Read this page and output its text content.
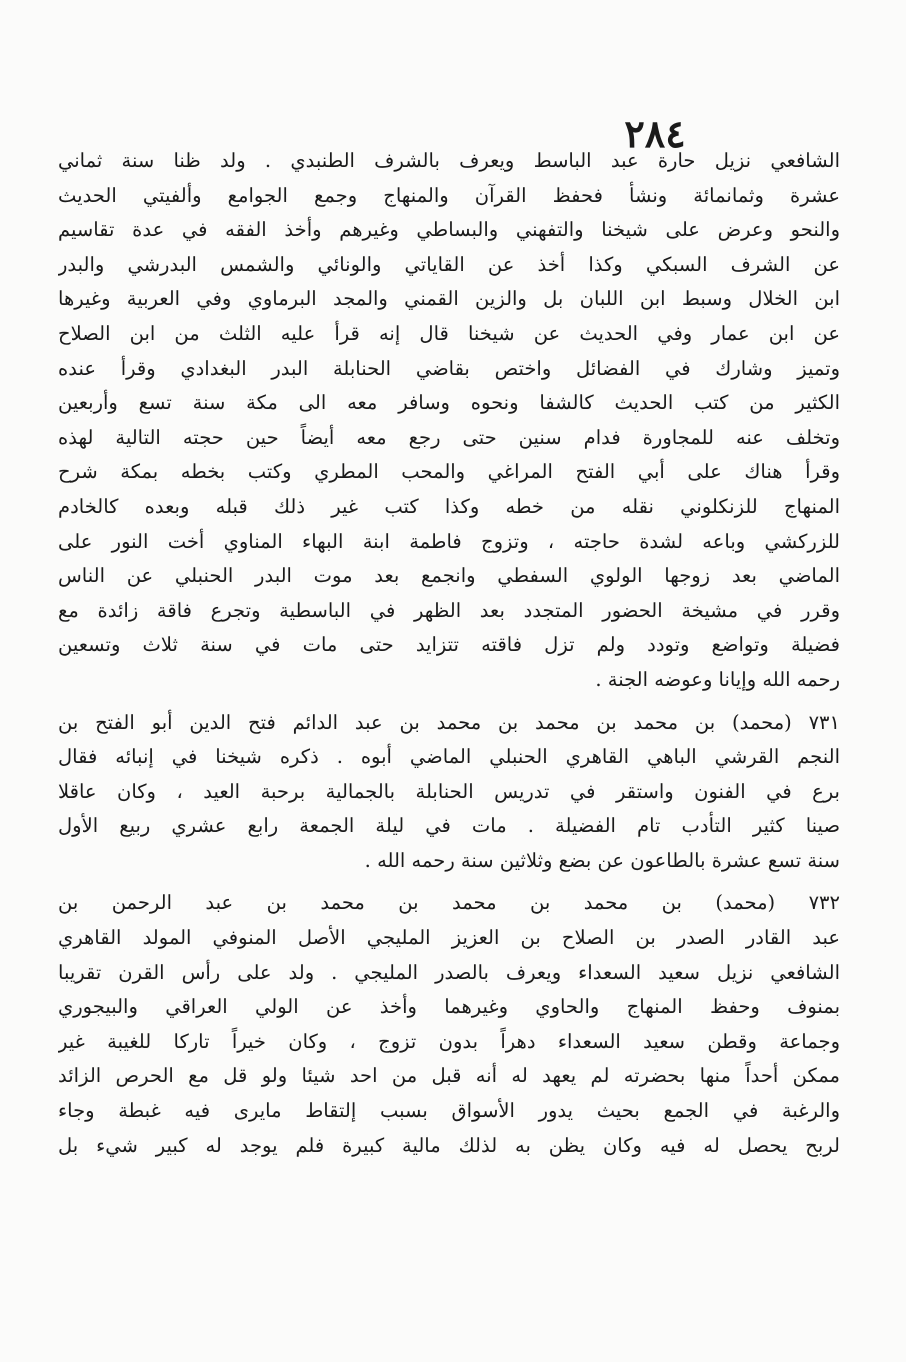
٢٨٤
الشافعي نزيل حارة عبد الباسط ويعرف بالشرف الطنبدي . ولد ظنا سنة ثماني
عشرة وثمانمائة ونشأ فحفظ القرآن والمنهاج وجمع الجوامع وألفيتي الحديث
والنحو وعرض على شيخنا والتفهني والبساطي وغيرهم وأخذ الفقه في عدة تقاسيم
عن الشرف السبكي وكذا أخذ عن القاياتي والونائي والشمس البدرشي والبدر
ابن الخلال وسبط ابن اللبان بل والزين القمني والمجد البرماوي وفي العربية وغيرها
عن ابن عمار وفي الحديث عن شيخنا قال إنه قرأ عليه الثلث من ابن الصلاح
وتميز وشارك في الفضائل واختص بقاضي الحنابلة البدر البغدادي وقرأ عنده
الكثير من كتب الحديث كالشفا ونحوه وسافر معه الى مكة سنة تسع وأربعين
وتخلف عنه للمجاورة فدام سنين حتى رجع معه أيضاً حين حجته التالية لهذه
وقرأ هناك على أبي الفتح المراغي والمحب المطري وكتب بخطه بمكة شرح
المنهاج للزنكلوني نقله من خطه وكذا كتب غير ذلك قبله وبعده كالخادم
للزركشي وباعه لشدة حاجته ، وتزوج فاطمة ابنة البهاء المناوي أخت النور على
الماضي بعد زوجها الولوي السفطي وانجمع بعد موت البدر الحنبلي عن الناس
وقرر في مشيخة الحضور المتجدد بعد الظهر في الباسطية وتجرع فاقة زائدة مع
فضيلة وتواضع وتودد ولم تزل فاقته تتزايد حتى مات في سنة ثلاث وتسعين
رحمه الله وإيانا وعوضه الجنة .
٧٣١ (محمد) بن محمد بن محمد بن محمد بن عبد الدائم فتح الدين أبو الفتح بن
النجم القرشي الباهي القاهري الحنبلي الماضي أبوه . ذكره شيخنا في إنبائه فقال
برع في الفنون واستقر في تدريس الحنابلة بالجمالية برحبة العيد ، وكان عاقلا
صينا كثير التأدب تام الفضيلة . مات في ليلة الجمعة رابع عشري ربيع الأول
سنة تسع عشرة بالطاعون عن بضع وثلاثين سنة رحمه الله .
٧٣٢ (محمد) بن محمد بن محمد بن محمد بن عبد الرحمن بن
عبد القادر الصدر بن الصلاح بن العزيز المليجي الأصل المنوفي المولد القاهري
الشافعي نزيل سعيد السعداء ويعرف بالصدر المليجي . ولد على رأس القرن تقريبا
بمنوف وحفظ المنهاج والحاوي وغيرهما وأخذ عن الولي العراقي والبيجوري
وجماعة وقطن سعيد السعداء دهراً بدون تزوج ، وكان خيراً تاركا للغيبة غير
ممكن أحداً منها بحضرته لم يعهد له أنه قبل من احد شيئا ولو قل مع الحرص الزائد
والرغبة في الجمع بحيث يدور الأسواق بسبب إلتقاط مايرى فيه غبطة وجاء
لربح يحصل له فيه وكان يظن به لذلك مالية كبيرة فلم يوجد له كبير شيء بل
